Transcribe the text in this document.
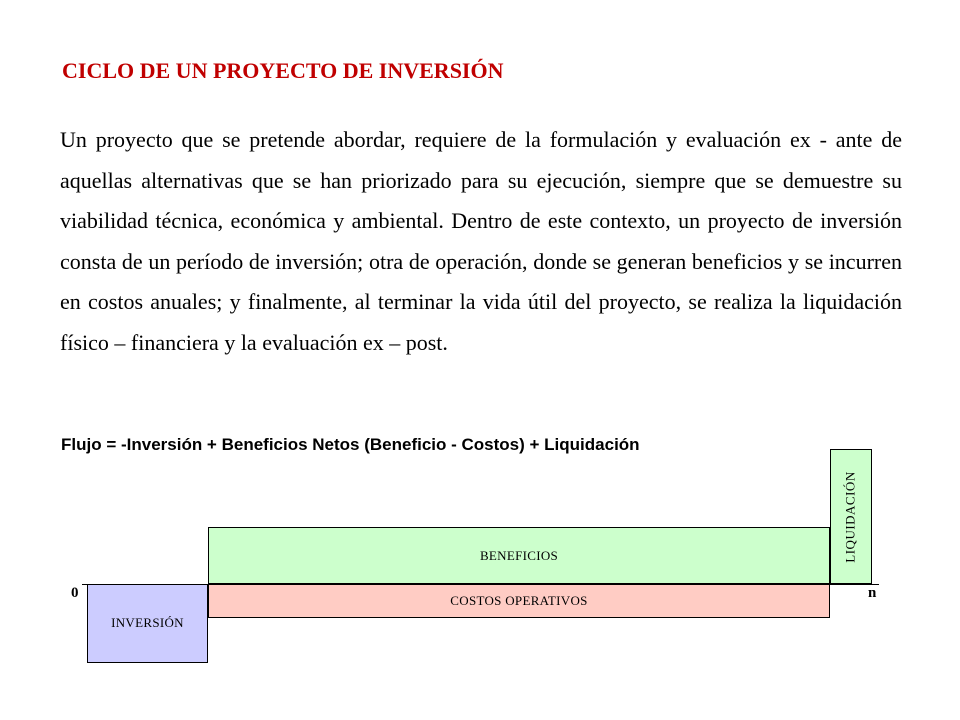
CICLO DE UN PROYECTO DE INVERSIÓN

Un proyecto que se pretende abordar, requiere de la formulación y evaluación ex - ante de aquellas alternativas que se han priorizado para su ejecución, siempre que se demuestre su viabilidad técnica, económica y ambiental. Dentro de este contexto, un proyecto de inversión consta de un período de inversión; otra de operación, donde se generan beneficios y se incurren en costos anuales; y finalmente, al terminar la vida útil del proyecto, se realiza la liquidación físico – financiera y la evaluación ex – post.

Flujo = -Inversión + Beneficios Netos (Beneficio - Costos) + Liquidación

BENEFICIOS
COSTOS OPERATIVOS
INVERSIÓN
LIQUIDACIÓN
0	n
